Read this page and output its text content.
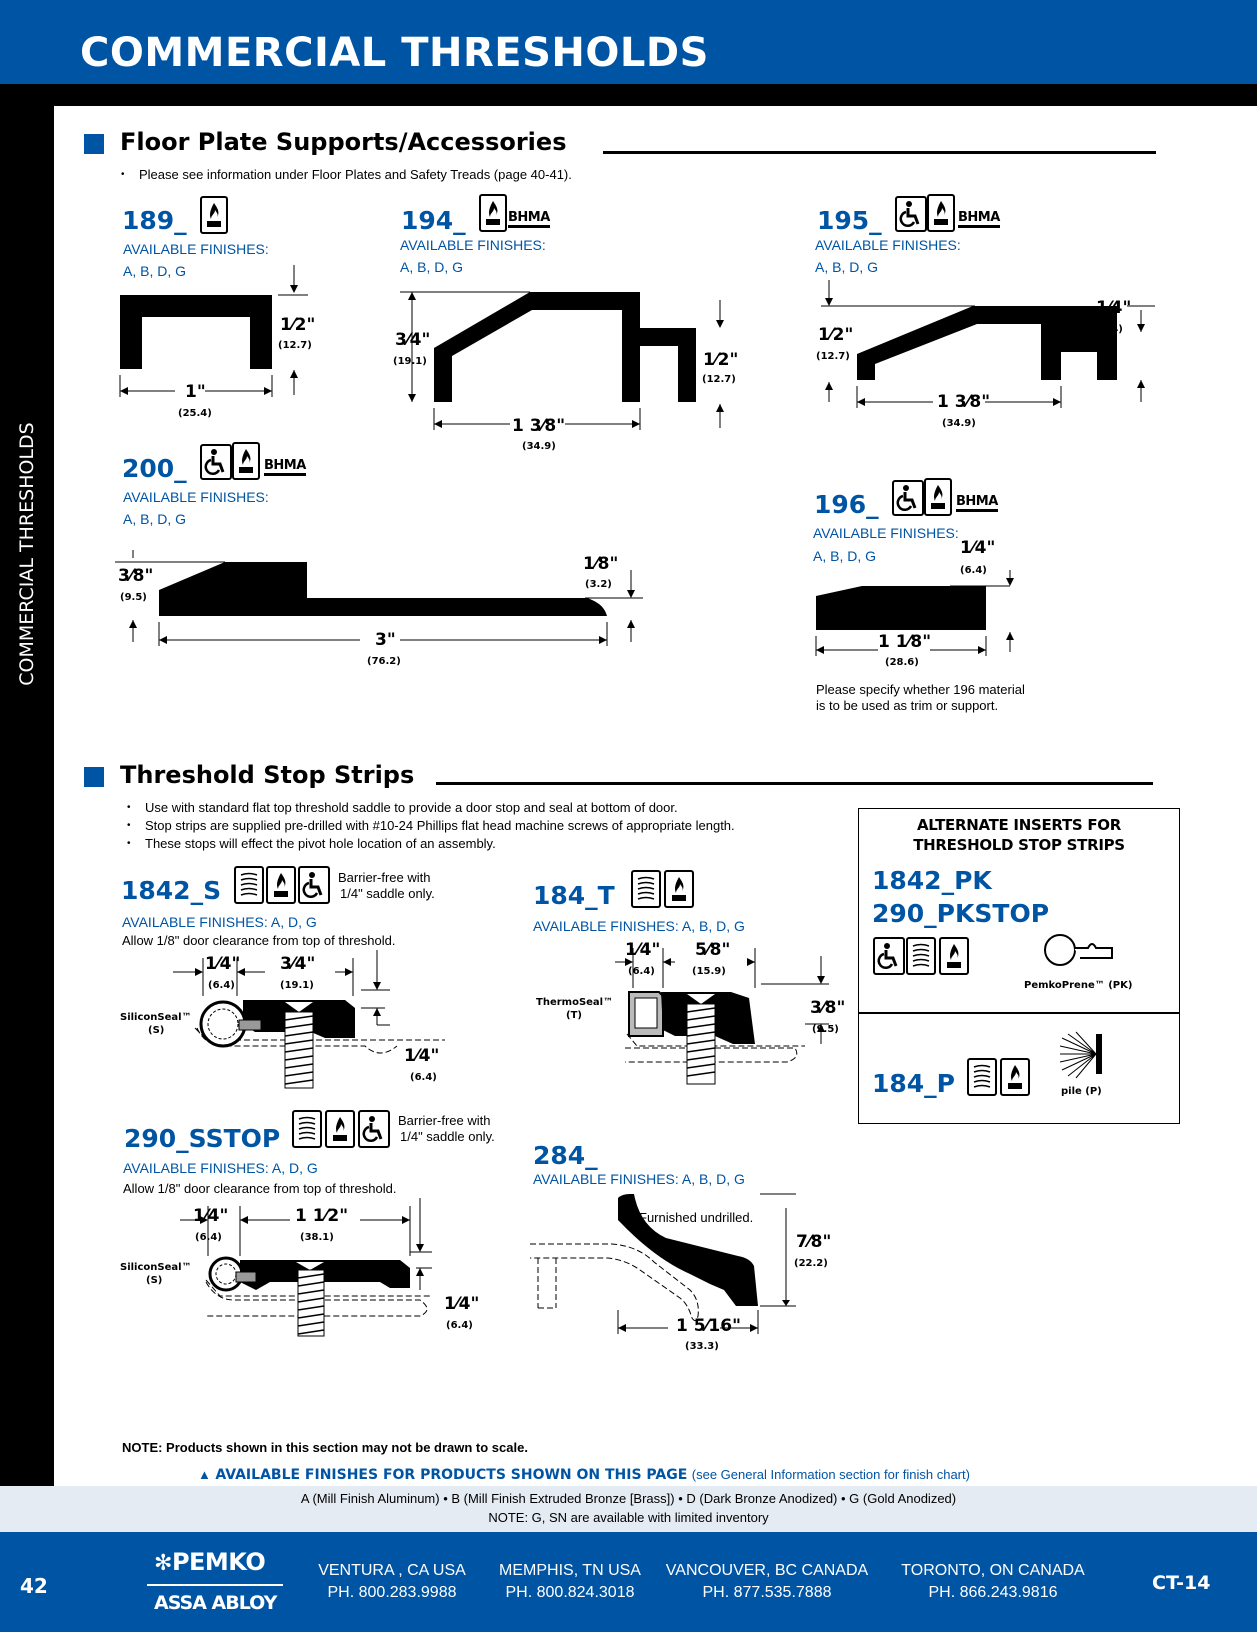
COMMERCIAL THRESHOLDS
COMMERCIAL THRESHOLDS
Floor Plate Supports/Accessories
• Please see information under Floor Plates and Safety Treads (page 40-41).
189_
AVAILABLE FINISHES:
A, B, D, G
1⁄2"
(12.7)
1"
(25.4)
194_	BHMA
AVAILABLE FINISHES:
A, B, D, G
3⁄4"
(19.1)	1⁄2"
(12.7)
1 3⁄8"
(34.9)
195_	BHMA
AVAILABLE FINISHES:
A, B, D, G
1⁄2"
(12.7)
1⁄4"
(6.4)
1 3⁄8"
(34.9)
200_	BHMA
AVAILABLE FINISHES:
A, B, D, G
3⁄8"
(9.5)
1⁄8"
(3.2)
3"
(76.2)
196_	BHMA
AVAILABLE FINISHES:
A, B, D, G	1⁄4"
(6.4)
1 1⁄8"
(28.6)
Please specify whether 196 material
is to be used as trim or support.
Threshold Stop Strips
• Use with standard flat top threshold saddle to provide a door stop and seal at bottom of door.
• Stop strips are supplied pre-drilled with #10-24 Phillips flat head machine screws of appropriate length.
• These stops will effect the pivot hole location of an assembly.
1842_S	Barrier-free with
1/4" saddle only.
AVAILABLE FINISHES: A, D, G
Allow 1/8" door clearance from top of threshold.
1⁄4"
(6.4)
3⁄4"
(19.1)
1⁄4"
(6.4)
SiliconSeal™
(S)
184_T
AVAILABLE FINISHES: A, B, D, G
1⁄4"
(6.4)
5⁄8"
(15.9)
3⁄8"
(9.5)
ThermoSeal™
(T)
290_SSTOP
Barrier-free with
1/4" saddle only.
AVAILABLE FINISHES: A, D, G
Allow 1/8" door clearance from top of threshold.
1⁄4"
(6.4)
1 1⁄2"
(38.1)
1⁄4"
(6.4)
SiliconSeal™
(S)
284_
AVAILABLE FINISHES: A, B, D, G
Furnished undrilled.
7⁄8"
(22.2)
1 5⁄16"
(33.3)
ALTERNATE INSERTS FOR
THRESHOLD STOP STRIPS
1842_PK
290_PKSTOP
PemkoPrene™ (PK)
184_P	pile (P)
NOTE: Products shown in this section may not be drawn to scale.
▲ AVAILABLE FINISHES FOR PRODUCTS SHOWN ON THIS PAGE (see General Information section for finish chart)
A (Mill Finish Aluminum) • B (Mill Finish Extruded Bronze [Brass]) • D (Dark Bronze Anodized) • G (Gold Anodized)
NOTE: G, SN are available with limited inventory
42
✻PEMKO
ASSA ABLOY
VENTURA , CA USA
PH. 800.283.9988
MEMPHIS, TN USA
PH. 800.824.3018
VANCOUVER, BC CANADA
PH. 877.535.7888
TORONTO, ON CANADA
PH. 866.243.9816	CT-14
